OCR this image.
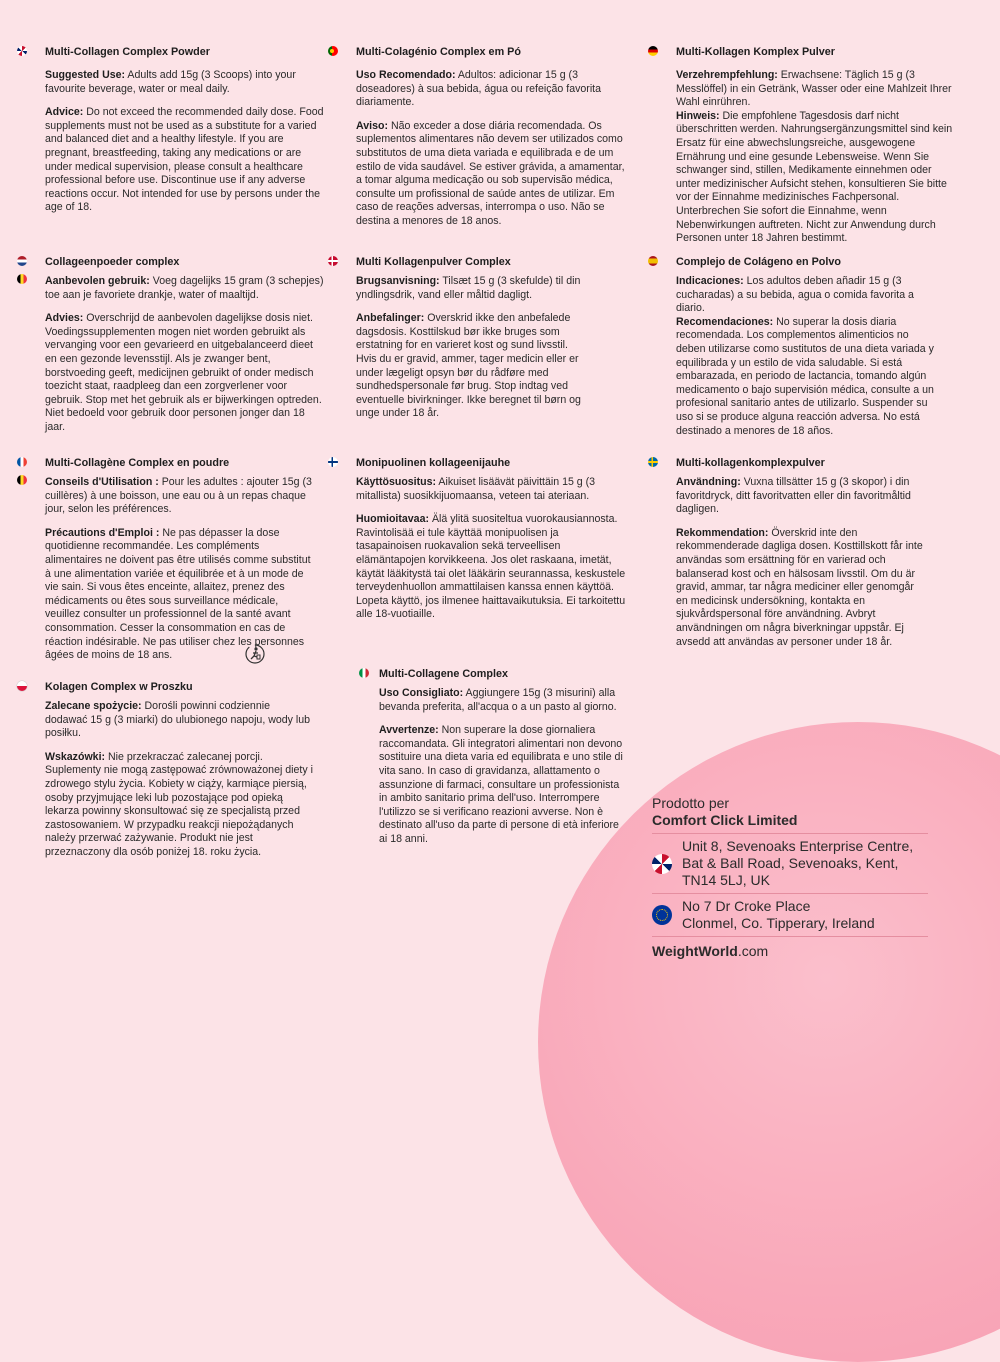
Multi-Collagen Complex Powder
Suggested Use: Adults add 15g (3 Scoops) into your favourite beverage, water or meal daily.
Advice: Do not exceed the recommended daily dose. Food supplements must not be used as a substitute for a varied and balanced diet and a healthy lifestyle. If you are pregnant, breastfeeding, taking any medications or are under medical supervision, please consult a healthcare professional before use. Discontinue use if any adverse reactions occur. Not intended for use by persons under the age of 18.
Multi-Colagénio Complex em Pó
Uso Recomendado: Adultos: adicionar 15 g (3 doseadores) à sua bebida, água ou refeição favorita diariamente.
Aviso: Não exceder a dose diária recomendada. Os suplementos alimentares não devem ser utilizados como substitutos de uma dieta variada e equilibrada e de um estilo de vida saudável. Se estiver grávida, a amamentar, a tomar alguma medicação ou sob supervisão médica, consulte um profissional de saúde antes de utilizar. Em caso de reações adversas, interrompa o uso. Não se destina a menores de 18 anos.
Multi-Kollagen Komplex Pulver
Verzehrempfehlung: Erwachsene: Täglich 15 g (3 Messlöffel) in ein Getränk, Wasser oder eine Mahlzeit Ihrer Wahl einrühren.
Hinweis: Die empfohlene Tagesdosis darf nicht überschritten werden. Nahrungsergänzungsmittel sind kein Ersatz für eine abwechslungsreiche, ausgewogene Ernährung und eine gesunde Lebensweise. Wenn Sie schwanger sind, stillen, Medikamente einnehmen oder unter medizinischer Aufsicht stehen, konsultieren Sie bitte vor der Einnahme medizinisches Fachpersonal. Unterbrechen Sie sofort die Einnahme, wenn Nebenwirkungen auftreten. Nicht zur Anwendung durch Personen unter 18 Jahren bestimmt.
Collageenpoeder complex
Aanbevolen gebruik: Voeg dagelijks 15 gram (3 schepjes) toe aan je favoriete drankje, water of maaltijd.
Advies: Overschrijd de aanbevolen dagelijkse dosis niet. Voedingssupplementen mogen niet worden gebruikt als vervanging voor een gevarieerd en uitgebalanceerd dieet en een gezonde levensstijl. Als je zwanger bent, borstvoeding geeft, medicijnen gebruikt of onder medisch toezicht staat, raadpleeg dan een zorgverlener voor gebruik. Stop met het gebruik als er bijwerkingen optreden. Niet bedoeld voor gebruik door personen jonger dan 18 jaar.
Multi Kollagenpulver Complex
Brugsanvisning: Tilsæt 15 g (3 skefulde) til din yndlingsdrik, vand eller måltid dagligt.
Anbefalinger: Overskrid ikke den anbefalede dagsdosis. Kosttilskud bør ikke bruges som erstatning for en varieret kost og sund livsstil. Hvis du er gravid, ammer, tager medicin eller er under lægeligt opsyn bør du rådføre med sundhedspersonale før brug. Stop indtag ved eventuelle bivirkninger. Ikke beregnet til børn og unge under 18 år.
Complejo de Colágeno en Polvo
Indicaciones: Los adultos deben añadir 15 g (3 cucharadas) a su bebida, agua o comida favorita a diario.
Recomendaciones: No superar la dosis diaria recomendada. Los complementos alimenticios no deben utilizarse como sustitutos de una dieta variada y equilibrada y un estilo de vida saludable. Si está embarazada, en periodo de lactancia, tomando algún medicamento o bajo supervisión médica, consulte a un profesional sanitario antes de utilizarlo. Suspender su uso si se produce alguna reacción adversa. No está destinado a menores de 18 años.
Multi-Collagène Complex en poudre
Conseils d'Utilisation : Pour les adultes : ajouter 15g (3 cuillères) à une boisson, une eau ou à un repas chaque jour, selon les préférences.
Précautions d'Emploi : Ne pas dépasser la dose quotidienne recommandée. Les compléments alimentaires ne doivent pas être utilisés comme substitut à une alimentation variée et équilibrée et à un mode de vie sain. Si vous êtes enceinte, allaitez, prenez des médicaments ou êtes sous surveillance médicale, veuillez consulter un professionnel de la santé avant consommation. Cesser la consommation en cas de réaction indésirable. Ne pas utiliser chez les personnes âgées de moins de 18 ans.
Monipuolinen kollageenijauhe
Käyttösuositus: Aikuiset lisäävät päivittäin 15 g (3 mitallista) suosikkijuomaansa, veteen tai ateriaan.
Huomioitavaa: Älä ylitä suositeltua vuorokausiannosta. Ravintolisää ei tule käyttää monipuolisen ja tasapainoisen ruokavalion sekä terveellisen elämäntapojen korvikkeena. Jos olet raskaana, imetät, käytät lääkitystä tai olet lääkärin seurannassa, keskustele terveydenhuollon ammattilaisen kanssa ennen käyttöä. Lopeta käyttö, jos ilmenee haittavaikutuksia. Ei tarkoitettu alle 18-vuotiaille.
Multi-kollagenkomplexpulver
Användning: Vuxna tillsätter 15 g (3 skopor) i din favoritdryck, ditt favoritvatten eller din favoritmåltid dagligen.
Rekommendation: Överskrid inte den rekommenderade dagliga dosen. Kosttillskott får inte användas som ersättning för en varierad och balanserad kost och en hälsosam livsstil. Om du är gravid, ammar, tar några mediciner eller genomgår en medicinsk undersökning, kontakta en sjukvårdspersonal före användning. Avbryt användningen om några biverkningar uppstår. Ej avsedd att användas av personer under 18 år.
Kolagen Complex w Proszku
Zalecane spożycie: Dorośli powinni codziennie dodawać 15 g (3 miarki) do ulubionego napoju, wody lub posiłku.
Wskazówki: Nie przekraczać zalecanej porcji. Suplementy nie mogą zastępować zrównoważonej diety i zdrowego stylu życia. Kobiety w ciąży, karmiące piersią, osoby przyjmujące leki lub pozostające pod opieką lekarza powinny skonsultować się ze specjalistą przed zastosowaniem. W przypadku reakcji niepożądanych należy przerwać zażywanie. Produkt nie jest przeznaczony dla osób poniżej 18. roku życia.
Multi-Collagene Complex
Uso Consigliato: Aggiungere 15g (3 misurini) alla bevanda preferita, all'acqua o a un pasto al giorno.
Avvertenze: Non superare la dose giornaliera raccomandata. Gli integratori alimentari non devono sostituire una dieta varia ed equilibrata e uno stile di vita sano. In caso di gravidanza, allattamento o assunzione di farmaci, consultare un professionista in ambito sanitario prima dell'uso. Interrompere l'utilizzo se si verificano reazioni avverse. Non è destinato all'uso da parte di persone di età inferiore ai 18 anni.
Prodotto per
Comfort Click Limited
Unit 8, Sevenoaks Enterprise Centre,
Bat & Ball Road, Sevenoaks, Kent,
TN14 5LJ, UK
No 7 Dr Croke Place
Clonmel, Co. Tipperary, Ireland
WeightWorld.com
